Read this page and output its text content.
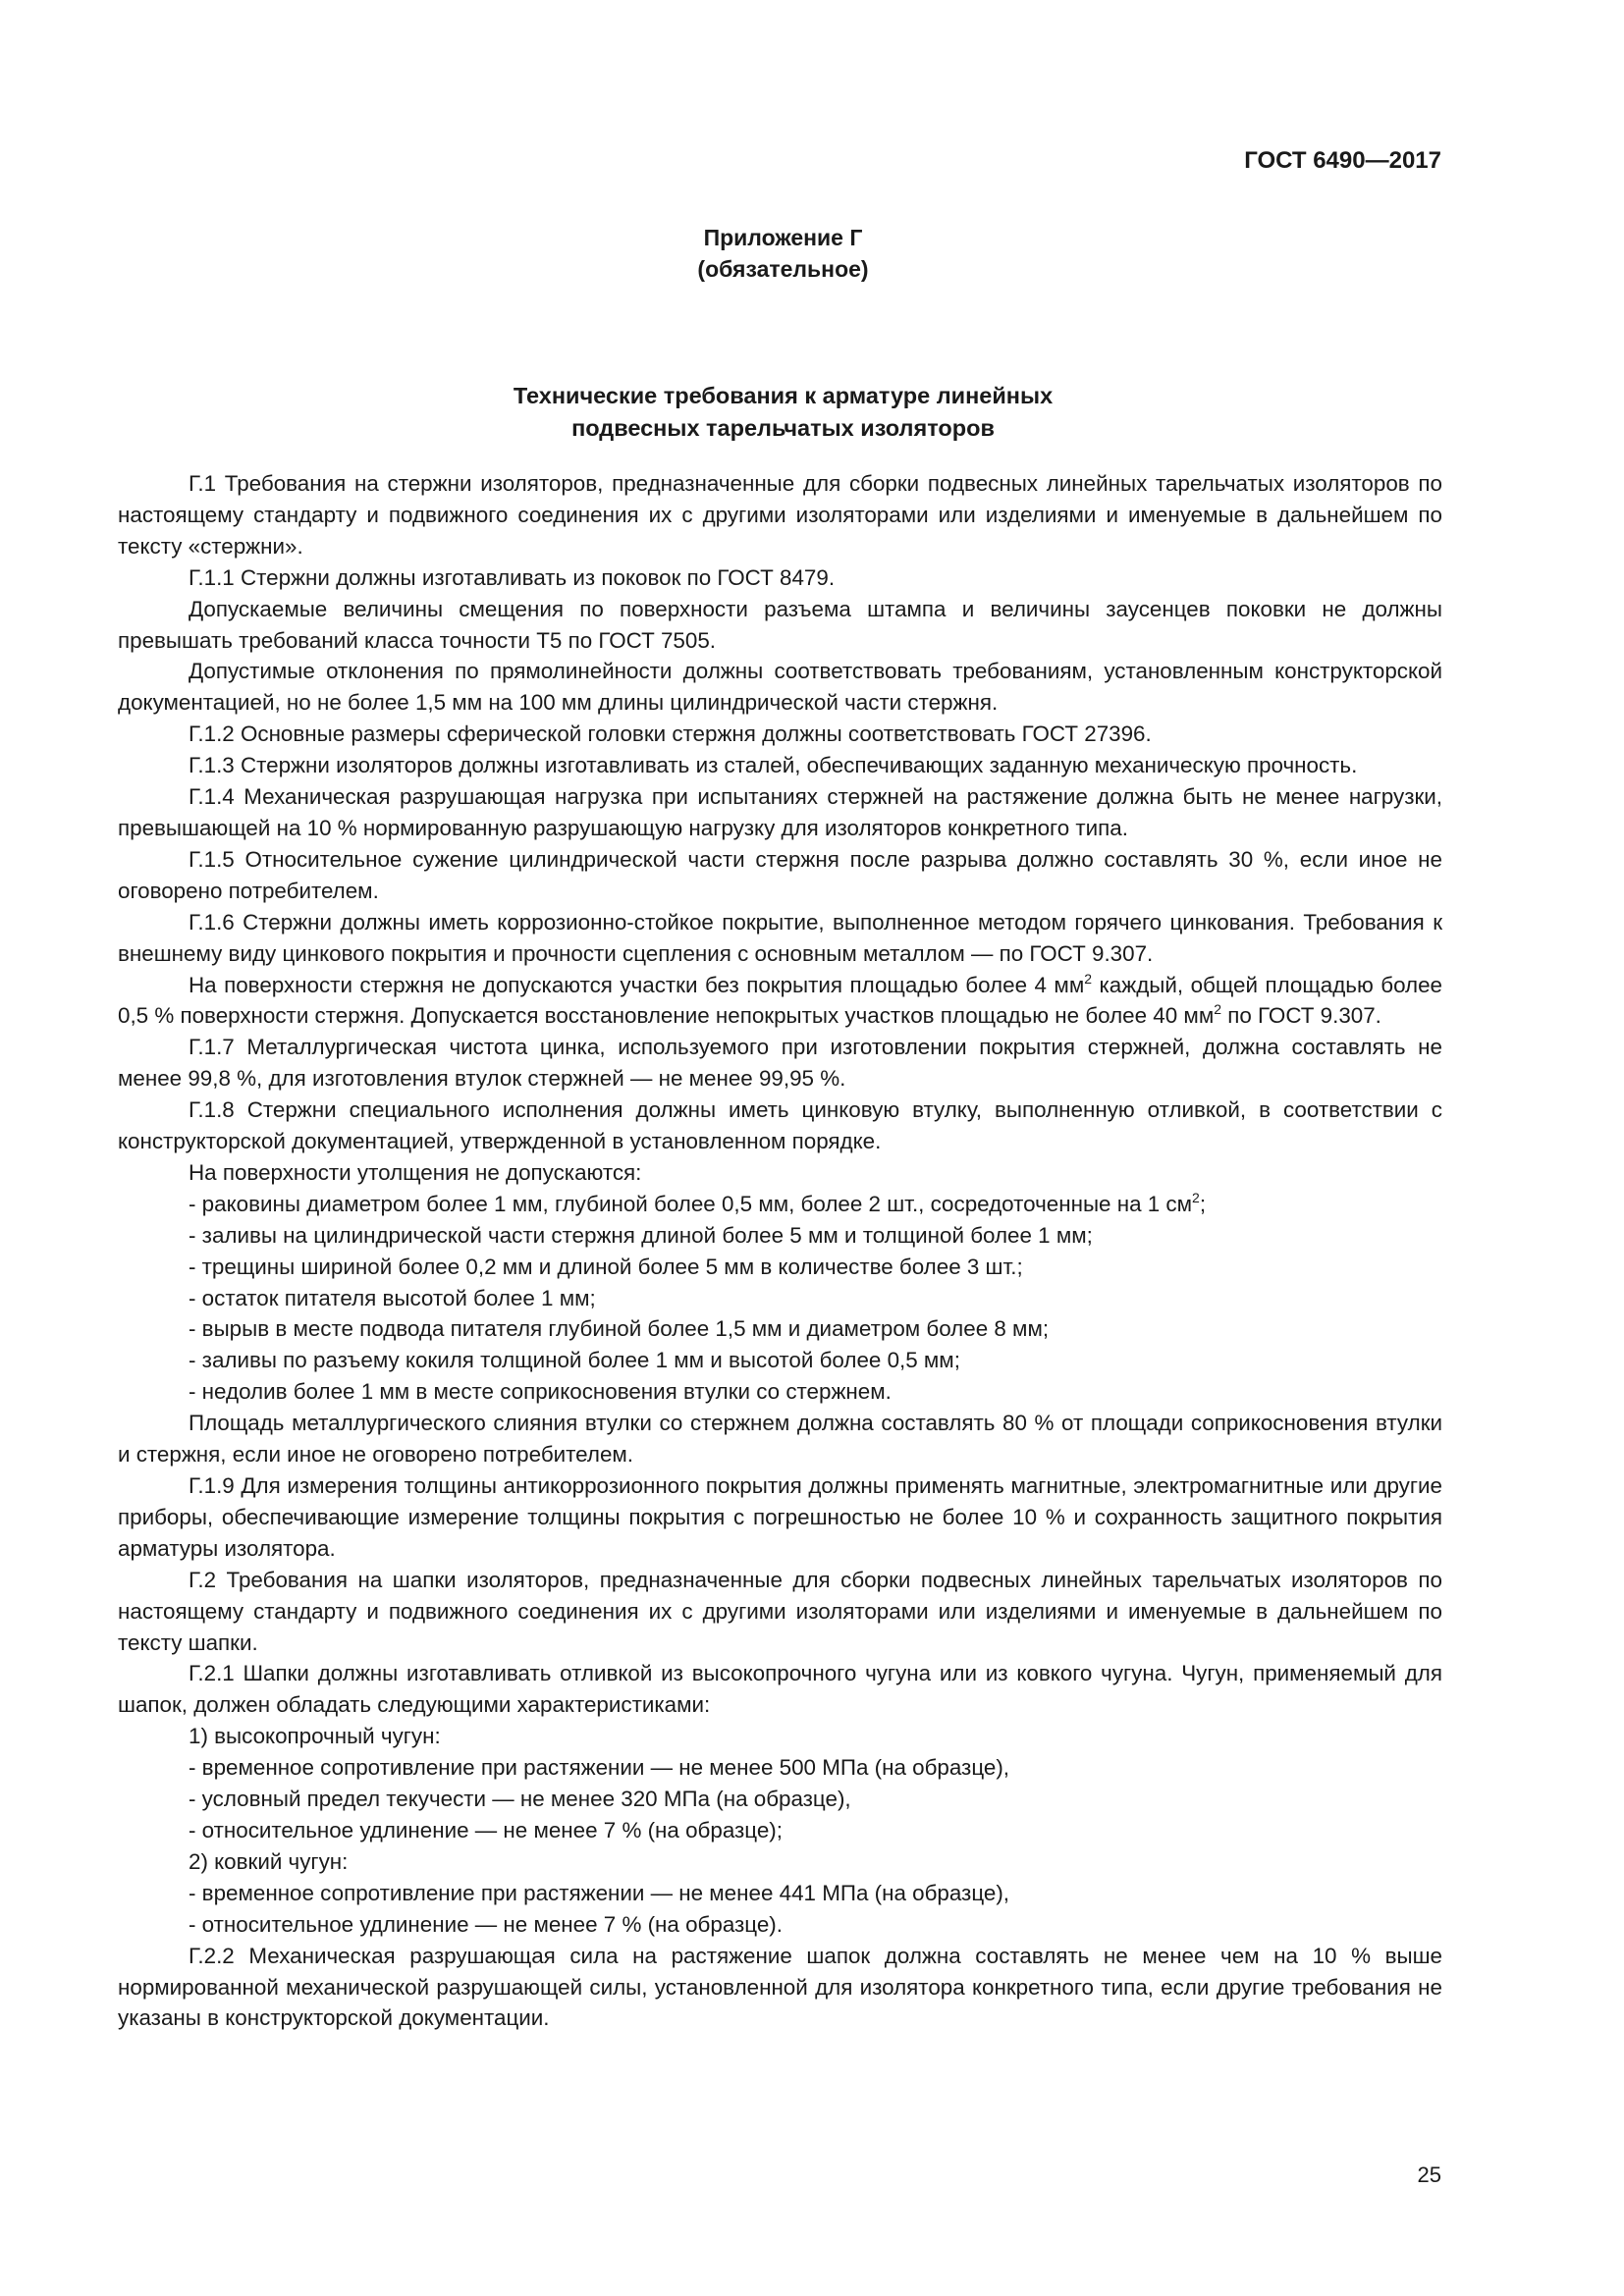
ГОСТ 6490—2017
Приложение Г
(обязательное)
Технические требования к арматуре линейных
подвесных тарельчатых изоляторов

Г.1 Требования на стержни изоляторов, предназначенные для сборки подвесных линейных тарельчатых изоляторов по настоящему стандарту и подвижного соединения их с другими изоляторами или изделиями и именуемые в дальнейшем по тексту «стержни».

Г.1.1 Стержни должны изготавливать из поковок по ГОСТ 8479.

Допускаемые величины смещения по поверхности разъема штампа и величины заусенцев поковки не должны превышать требований класса точности Т5 по ГОСТ 7505.

Допустимые отклонения по прямолинейности должны соответствовать требованиям, установленным конструкторской документацией, но не более 1,5 мм на 100 мм длины цилиндрической части стержня.

Г.1.2 Основные размеры сферической головки стержня должны соответствовать ГОСТ 27396.

Г.1.3 Стержни изоляторов должны изготавливать из сталей, обеспечивающих заданную механическую прочность.

Г.1.4 Механическая разрушающая нагрузка при испытаниях стержней на растяжение должна быть не менее нагрузки, превышающей на 10 % нормированную разрушающую нагрузку для изоляторов конкретного типа.

Г.1.5 Относительное сужение цилиндрической части стержня после разрыва должно составлять 30 %, если иное не оговорено потребителем.

Г.1.6 Стержни должны иметь коррозионно-стойкое покрытие, выполненное методом горячего цинкования. Требования к внешнему виду цинкового покрытия и прочности сцепления с основным металлом — по ГОСТ 9.307.

На поверхности стержня не допускаются участки без покрытия площадью более 4 $мм^2$ каждый, общей площадью более 0,5 % поверхности стержня. Допускается восстановление непокрытых участков площадью не более 40 $мм^2$ по ГОСТ 9.307.

Г.1.7 Металлургическая чистота цинка, используемого при изготовлении покрытия стержней, должна составлять не менее 99,8 %, для изготовления втулок стержней — не менее 99,95 %.

Г.1.8 Стержни специального исполнения должны иметь цинковую втулку, выполненную отливкой, в соответствии с конструкторской документацией, утвержденной в установленном порядке.

На поверхности утолщения не допускаются:

- раковины диаметром более 1 мм, глубиной более 0,5 мм, более 2 шт., сосредоточенные на 1 $см^2$;

- заливы на цилиндрической части стержня длиной более 5 мм и толщиной более 1 мм;

- трещины шириной более 0,2 мм и длиной более 5 мм в количестве более 3 шт.;

- остаток питателя высотой более 1 мм;

- вырыв в месте подвода питателя глубиной более 1,5 мм и диаметром более 8 мм;

- заливы по разъему кокиля толщиной более 1 мм и высотой более 0,5 мм;

- недолив более 1 мм в месте соприкосновения втулки со стержнем.

Площадь металлургического слияния втулки со стержнем должна составлять 80 % от площади соприкосновения втулки и стержня, если иное не оговорено потребителем.

Г.1.9 Для измерения толщины антикоррозионного покрытия должны применять магнитные, электромагнитные или другие приборы, обеспечивающие измерение толщины покрытия с погрешностью не более 10 % и сохранность защитного покрытия арматуры изолятора.

Г.2 Требования на шапки изоляторов, предназначенные для сборки подвесных линейных тарельчатых изоляторов по настоящему стандарту и подвижного соединения их с другими изоляторами или изделиями и именуемые в дальнейшем по тексту шапки.

Г.2.1 Шапки должны изготавливать отливкой из высокопрочного чугуна или из ковкого чугуна. Чугун, применяемый для шапок, должен обладать следующими характеристиками:

1) высокопрочный чугун:

- временное сопротивление при растяжении — не менее 500 МПа (на образце),

- условный предел текучести — не менее 320 МПа (на образце),

- относительное удлинение — не менее 7 % (на образце);

2) ковкий чугун:

- временное сопротивление при растяжении — не менее 441 МПа (на образце),

- относительное удлинение — не менее 7 % (на образце).

Г.2.2 Механическая разрушающая сила на растяжение шапок должна составлять не менее чем на 10 % выше нормированной механической разрушающей силы, установленной для изолятора конкретного типа, если другие требования не указаны в конструкторской документации.

25
